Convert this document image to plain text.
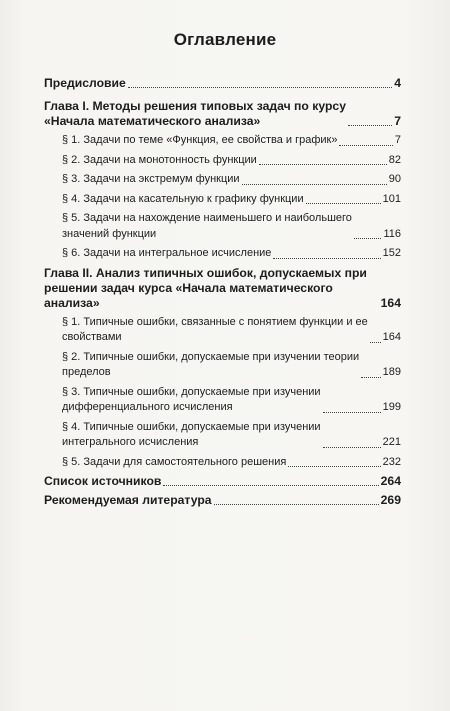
Оглавление
Предисловие	4
Глава I. Методы решения типовых задач по курсу
«Начала математического анализа»	7
§ 1. Задачи по теме «Функция, ее свойства и график»	7
§ 2. Задачи на монотонность функции	82
§ 3. Задачи на экстремум функции	90
§ 4. Задачи на касательную к графику функции	101
§ 5. Задачи на нахождение наименьшего и наибольшего
значений функции	116
§ 6. Задачи на интегральное исчисление	152
Глава II. Анализ типичных ошибок, допускаемых при
решении задач курса «Начала математического анализа»	164
§ 1. Типичные ошибки, связанные с понятием функции и ее
свойствами	164
§ 2. Типичные ошибки, допускаемые при изучении теории
пределов	189
§ 3. Типичные ошибки, допускаемые при изучении
дифференциального исчисления	199
§ 4. Типичные ошибки, допускаемые при изучении
интегрального исчисления	221
§ 5. Задачи для самостоятельного решения	232
Список источников	264
Рекомендуемая литература	269
